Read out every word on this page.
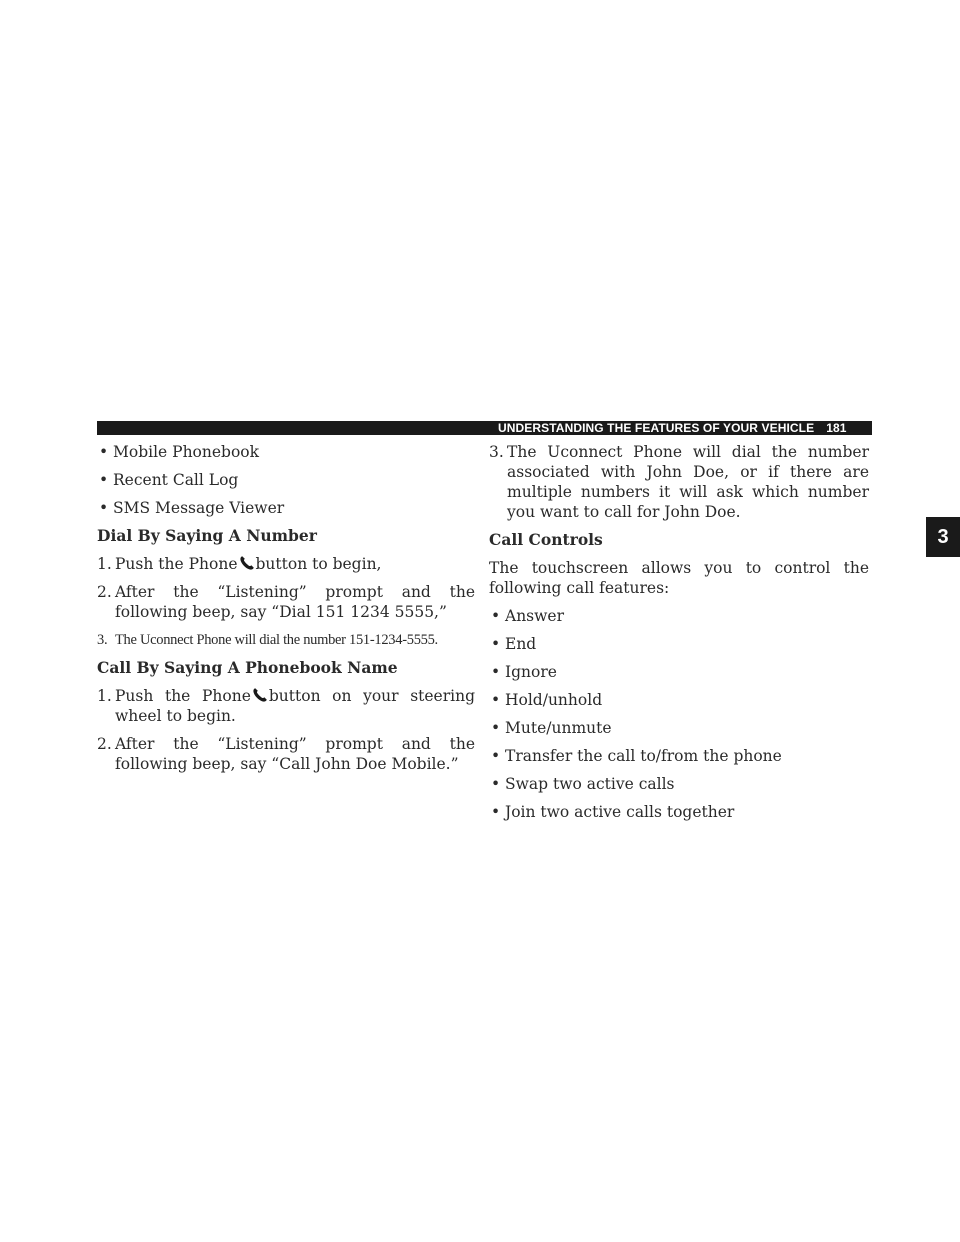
UNDERSTANDING THE FEATURES OF YOUR VEHICLE 181
3
• Mobile Phonebook
• Recent Call Log
• SMS Message Viewer
Dial By Saying A Number
1. Push the Phone button to begin,
2. After the “Listening” prompt and the following beep, say “Dial 151 1234 5555,”
3. The Uconnect Phone will dial the number 151-1234-5555.
Call By Saying A Phonebook Name
1. Push the Phone button on your steering wheel to begin.
2. After the “Listening” prompt and the following beep, say “Call John Doe Mobile.”
3. The Uconnect Phone will dial the number associated with John Doe, or if there are multiple numbers it will ask which number you want to call for John Doe.
Call Controls
The touchscreen allows you to control the following call features:
• Answer
• End
• Ignore
• Hold/unhold
• Mute/unmute
• Transfer the call to/from the phone
• Swap two active calls
• Join two active calls together
